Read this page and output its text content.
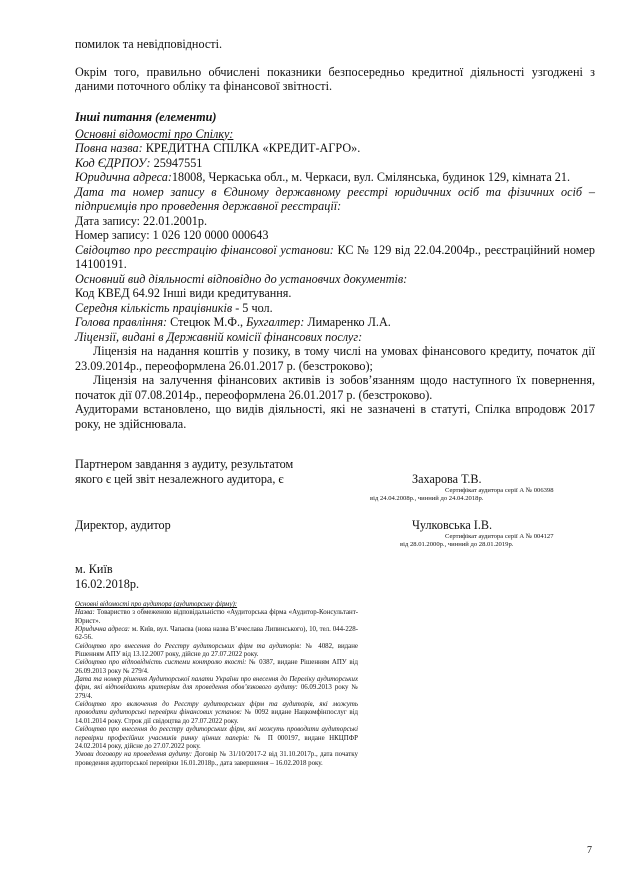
помилок та невідповідності.

Окрім того, правильно обчислені показники безпосередньо кредитної діяльності узгоджені з даними поточного обліку та фінансової звітності.

Інші питання (елементи)

Основні відомості про Спілку:

Повна назва: КРЕДИТНА СПІЛКА «КРЕДИТ-АГРО».

Код ЄДРПОУ: 25947551

Юридична адреса:18008, Черкаська обл., м. Черкаси, вул. Смілянська, будинок 129, кімната 21.

Дата та номер запису в Єдиному державному реєстрі юридичних осіб та фізичних осіб – підприємців про проведення державної реєстрації:

Дата запису: 22.01.2001р.

Номер запису: 1 026 120 0000 000643

Свідоцтво про реєстрацію фінансової установи: КС № 129 від 22.04.2004р., реєстраційний номер 14100191.

Основний вид діяльності відповідно до установчих документів:

Код КВЕД 64.92 Інші види кредитування.

Середня кількість працівників - 5 чол.

Голова правління: Стецюк М.Ф., Бухгалтер: Лимаренко Л.А.

Ліцензії, видані в Державній комісії фінансових послуг:

Ліцензія на надання коштів у позику, в тому числі на умовах фінансового кредиту, початок дії 23.09.2014р., переоформлена 26.01.2017 р. (безстроково);

Ліцензія на залучення фінансових активів із зобов’язанням щодо наступного їх повернення, початок дії 07.08.2014р., переоформлена 26.01.2017 р. (безстроково).

Аудиторами встановлено, що видів діяльності, які не зазначені в статуті, Спілка впродовж 2017 року, не здійснювала.

Партнером завдання з аудиту, результатом

якого є цей звіт незалежного аудитора, є	Захарова Т.В.
Сертифікат аудитора серії А № 006398
від 24.04.2008р., чинний до 24.04.2018р.
Директор, аудитор	Чулковська І.В.
Сертифікат аудитора серії А № 004127
від 28.01.2000р., чинний до 28.01.2019р.

м. Київ

16.02.2018р.

Основні відомості про аудитора (аудиторську фірму):

Назва: Товариство з обмеженою відповідальністю «Аудиторська фірма «Аудитор-Консультант-Юрист».

Юридична адреса: м. Київ, вул. Чапаєва (нова назва В’ячеслава Липинського), 10, тел. 044-228-62-56.

Свідоцтво про внесення до Реєстру аудиторських фірм та аудиторів: № 4082, видане Рішенням АПУ від 13.12.2007 року, дійсне до 27.07.2022 року.

Свідоцтво про відповідність системи контролю якості: № 0387, видане Рішенням АПУ від 26.09.2013 року № 279/4.

Дата та номер рішення Аудиторської палати України про внесення до Переліку аудиторських фірм, які відповідають критеріям для проведення обов’язкового аудиту: 06.09.2013 року № 279/4.

Свідоцтво про включення до Реєстру аудиторських фірм та аудиторів, які можуть проводити аудиторські перевірки фінансових установ: № 0092 видане Нацкомфінпослуг від 14.01.2014 року. Строк дії свідоцтва до 27.07.2022 року.

Свідоцтво про внесення до реєстру аудиторських фірм, які можуть проводити аудиторські перевірки професійних учасників ринку цінних паперів: № П 000197, видане НКЦПФР 24.02.2014 року, дійсне до 27.07.2022 року.

Умови договору на проведення аудиту: Договір № 31/10/2017-2 від 31.10.2017р., дата початку проведення аудиторської перевірки 16.01.2018р., дата завершення – 16.02.2018 року.

7
